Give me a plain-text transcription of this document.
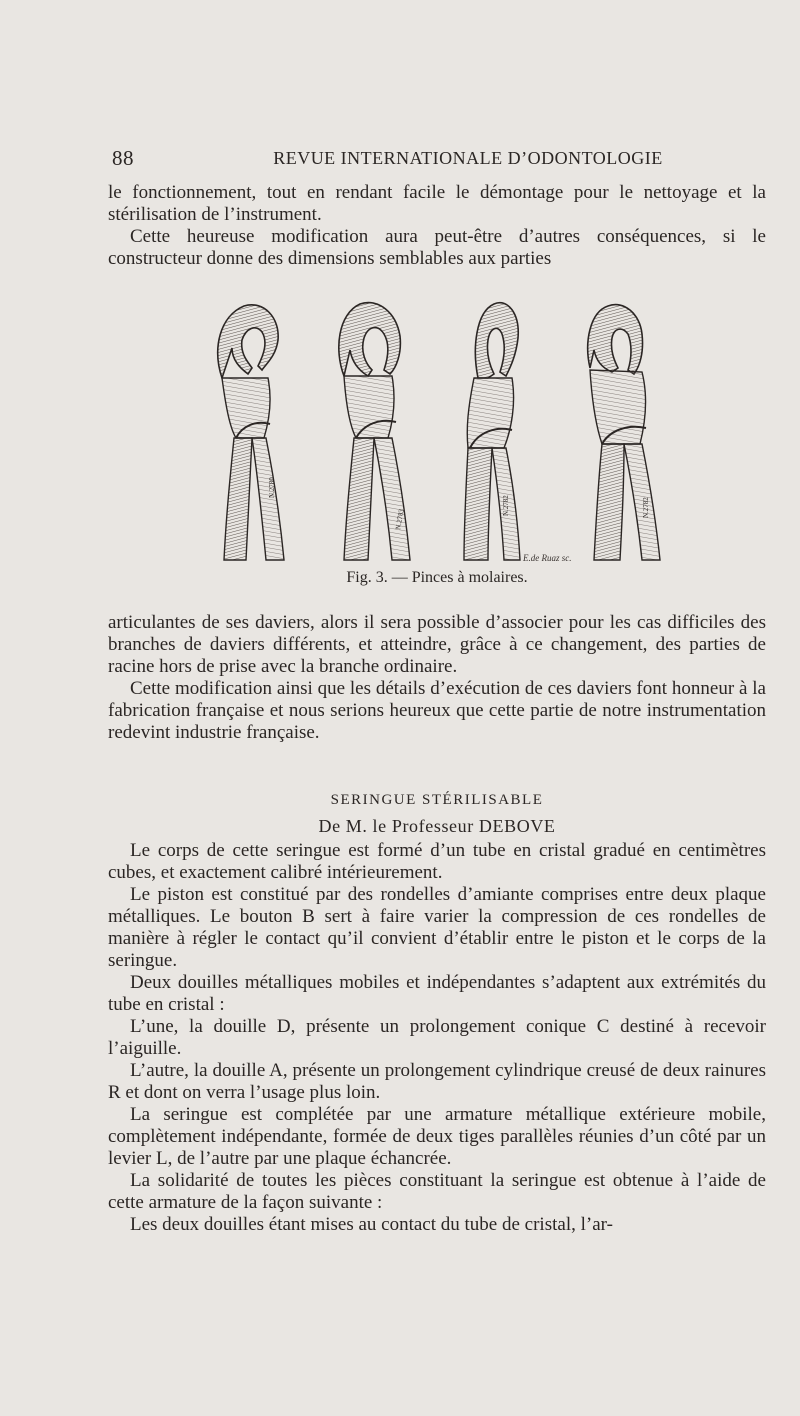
88	REVUE INTERNATIONALE D’ODONTOLOGIE

le fonctionnement, tout en rendant facile le démontage pour le nettoyage et la stérilisation de l’instrument.

Cette heureuse modification aura peut-être d’autres conséquences, si le constructeur donne des dimensions semblables aux parties

N.2780
N.2783
N.2782	N.2782
E.de Ruaz sc.
Fig. 3. — Pinces à molaires.

articulantes de ses daviers, alors il sera possible d’associer pour les cas difficiles des branches de daviers différents, et atteindre, grâce à ce changement, des parties de racine hors de prise avec la branche ordinaire.

Cette modification ainsi que les détails d’exécution de ces daviers font honneur à la fabrication française et nous serions heureux que cette partie de notre instrumentation redevint industrie française.

SERINGUE STÉRILISABLE
De M. le Professeur DEBOVE

Le corps de cette seringue est formé d’un tube en cristal gradué en centimètres cubes, et exactement calibré intérieurement.

Le piston est constitué par des rondelles d’amiante comprises entre deux plaque métalliques. Le bouton B sert à faire varier la compression de ces rondelles de manière à régler le contact qu’il convient d’établir entre le piston et le corps de la seringue.

Deux douilles métalliques mobiles et indépendantes s’adaptent aux extrémités du tube en cristal :

L’une, la douille D, présente un prolongement conique C destiné à recevoir l’aiguille.

L’autre, la douille A, présente un prolongement cylindrique creusé de deux rainures R et dont on verra l’usage plus loin.

La seringue est complétée par une armature métallique extérieure mobile, complètement indépendante, formée de deux tiges parallèles réunies d’un côté par un levier L, de l’autre par une plaque échancrée.

La solidarité de toutes les pièces constituant la seringue est obtenue à l’aide de cette armature de la façon suivante :

Les deux douilles étant mises au contact du tube de cristal, l’ar-
